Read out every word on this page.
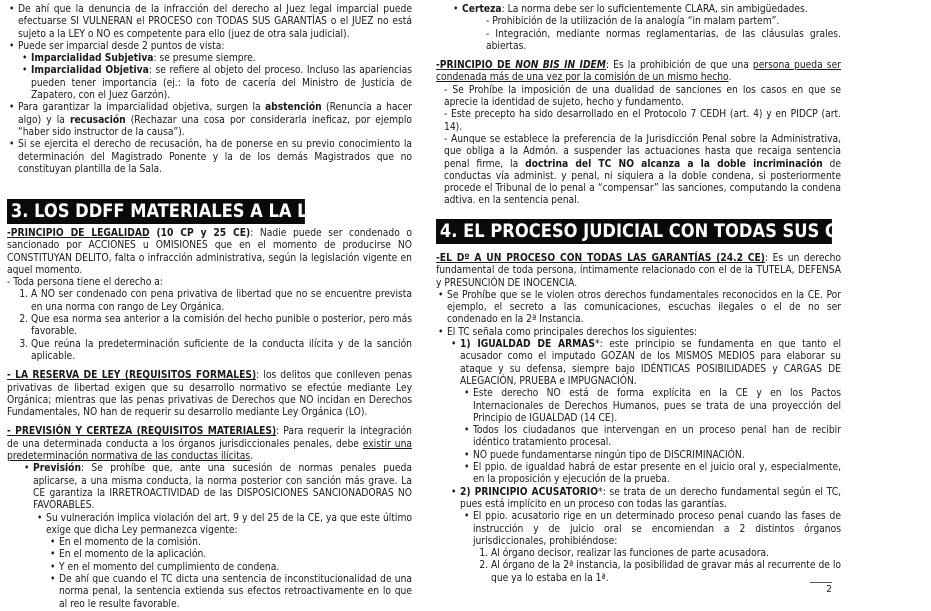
• De ahí que la denuncia de la infracción del derecho al Juez legal imparcial puede efectuarse SI VULNERAN el PROCESO con TODAS SUS GARANTÍAS o el JUEZ no está sujeto a la LEY o NO es competente para ello (juez de otra sala judicial).
• Puede ser imparcial desde 2 puntos de vista:
• Imparcialidad Subjetiva: se presume siempre.
• Imparcialidad Objetiva: se refiere al objeto del proceso. Incluso las apariencias pueden tener importancia (ej.: la foto de cacería del Ministro de Justicia de Zapatero, con el Juez Garzón).
• Para garantizar la imparcialidad objetiva, surgen la abstención (Renuncia a hacer algo) y la recusación (Rechazar una cosa por considerarla ineficaz, por ejemplo “haber sido instructor de la causa”).
• Si se ejercita el derecho de recusación, ha de ponerse en su previo conocimiento la determinación del Magistrado Ponente y la de los demás Magistrados que no constituyan plantilla de la Sala.
3. LOS DDFF MATERIALES A LA LEGALIDAD

-PRINCIPIO DE LEGALIDAD (10 CP y 25 CE): Nadie puede ser condenado o sancionado por ACCIONES u OMISIONES que en el momento de producirse NO CONSTITUYAN DELITO, falta o infracción administrativa, según la legislación vigente en aquel momento.

- Toda persona tiene el derecho a:

1. A NO ser condenado con pena privativa de libertad que no se encuentre prevista en una norma con rango de Ley Orgánica.
2. Que esa norma sea anterior a la comisión del hecho punible o posterior, pero más favorable.
3. Que reúna la predeterminación suficiente de la conducta ilícita y de la sanción aplicable.

- LA RESERVA DE LEY (REQUISITOS FORMALES): los delitos que conlleven penas privativas de libertad exigen que su desarrollo normativo se efectúe mediante Ley Orgánica; mientras que las penas privativas de Derechos que NO incidan en Derechos Fundamentales, NO han de requerir su desarrollo mediante Ley Orgánica (LO).

- PREVISIÓN Y CERTEZA (REQUISITOS MATERIALES): Para requerir la integración de una determinada conducta a los órganos jurisdiccionales penales, debe existir una predeterminación normativa de las conductas ilícitas.

• Previsión: Se prohíbe que, ante una sucesión de normas penales pueda aplicarse, a una misma conducta, la norma posterior con sanción más grave. La CE garantiza la IRRETROACTIVIDAD de las DISPOSICIONES SANCIONADORAS NO FAVORABLES.
• Su vulneración implica violación del art. 9 y del 25 de la CE, ya que este último exige que dicha Ley permanezca vigente:
• En el momento de la comisión.
• En el momento de la aplicación.
• Y en el momento del cumplimiento de condena.
• De ahí que cuando el TC dicta una sentencia de inconstitucionalidad de una norma penal, la sentencia extienda sus efectos retroactivamente en lo que al reo le resulte favorable.
• Certeza: La norma debe ser lo suficientemente CLARA, sin ambigüedades.
- Prohibición de la utilización de la analogía “in malam partem”.
- Integración, mediante normas reglamentarias, de las cláusulas grales. abiertas.

-PRINCIPIO DE NON BIS IN IDEM: Es la prohibición de que una persona pueda ser condenada más de una vez por la comisión de un mismo hecho.

- Se Prohíbe la imposición de una dualidad de sanciones en los casos en que se aprecie la identidad de sujeto, hecho y fundamento.

- Este precepto ha sido desarrollado en el Protocolo 7 CEDH (art. 4) y en PIDCP (art. 14).

- Aunque se establece la preferencia de la Jurisdicción Penal sobre la Administrativa, que obliga a la Admón. a suspender las actuaciones hasta que recaiga sentencia penal firme, la doctrina del TC NO alcanza a la doble incriminación de conductas vía administ. y penal, ni siquiera a la doble condena, si posteriormente procede el Tribunal de lo penal a “compensar” las sanciones, computando la condena adtiva. en la sentencia penal.

4. EL PROCESO JUDICIAL CON TODAS SUS GARANTÍAS

-EL Dº A UN PROCESO CON TODAS LAS GARANTÍAS (24.2 CE): Es un derecho fundamental de toda persona, íntimamente relacionado con el de la TUTELA, DEFENSA y PRESUNCIÓN DE INOCENCIA.

• Se Prohíbe que se le violen otros derechos fundamentales reconocidos en la CE. Por ejemplo, el secreto a las comunicaciones, escuchas ilegales o el de no ser condenado en la 2ª Instancia.
• El TC señala como principales derechos los siguientes:
• 1) IGUALDAD DE ARMAS*: este principio se fundamenta en que tanto el acusador como el imputado GOZAN de los MISMOS MEDIOS para elaborar su ataque y su defensa, siempre bajo IDÉNTICAS POSIBILIDADES y CARGAS DE ALEGACIÓN, PRUEBA e IMPUGNACIÓN.
• Este derecho NO está de forma explícita en la CE y en los Pactos Internacionales de Derechos Humanos, pues se trata de una proyección del Principio de IGUALDAD (14 CE).
• Todos los ciudadanos que intervengan en un proceso penal han de recibir idéntico tratamiento procesal.
• NO puede fundamentarse ningún tipo de DISCRIMINACIÓN.
• El ppio. de igualdad habrá de estar presente en el juicio oral y, especialmente, en la proposición y ejecución de la prueba.
• 2) PRINCIPIO ACUSATORIO*: se trata de un derecho fundamental según el TC, pues está implícito en un proceso con todas las garantías.
• El ppio. acusatorio rige en un determinado proceso penal cuando las fases de instrucción y de juicio oral se encomiendan a 2 distintos órganos jurisdiccionales, prohibiéndose:
1. Al órgano decisor, realizar las funciones de parte acusadora.
2. Al órgano de la 2ª instancia, la posibilidad de gravar más al recurrente de lo que ya lo estaba en la 1ª.
2
